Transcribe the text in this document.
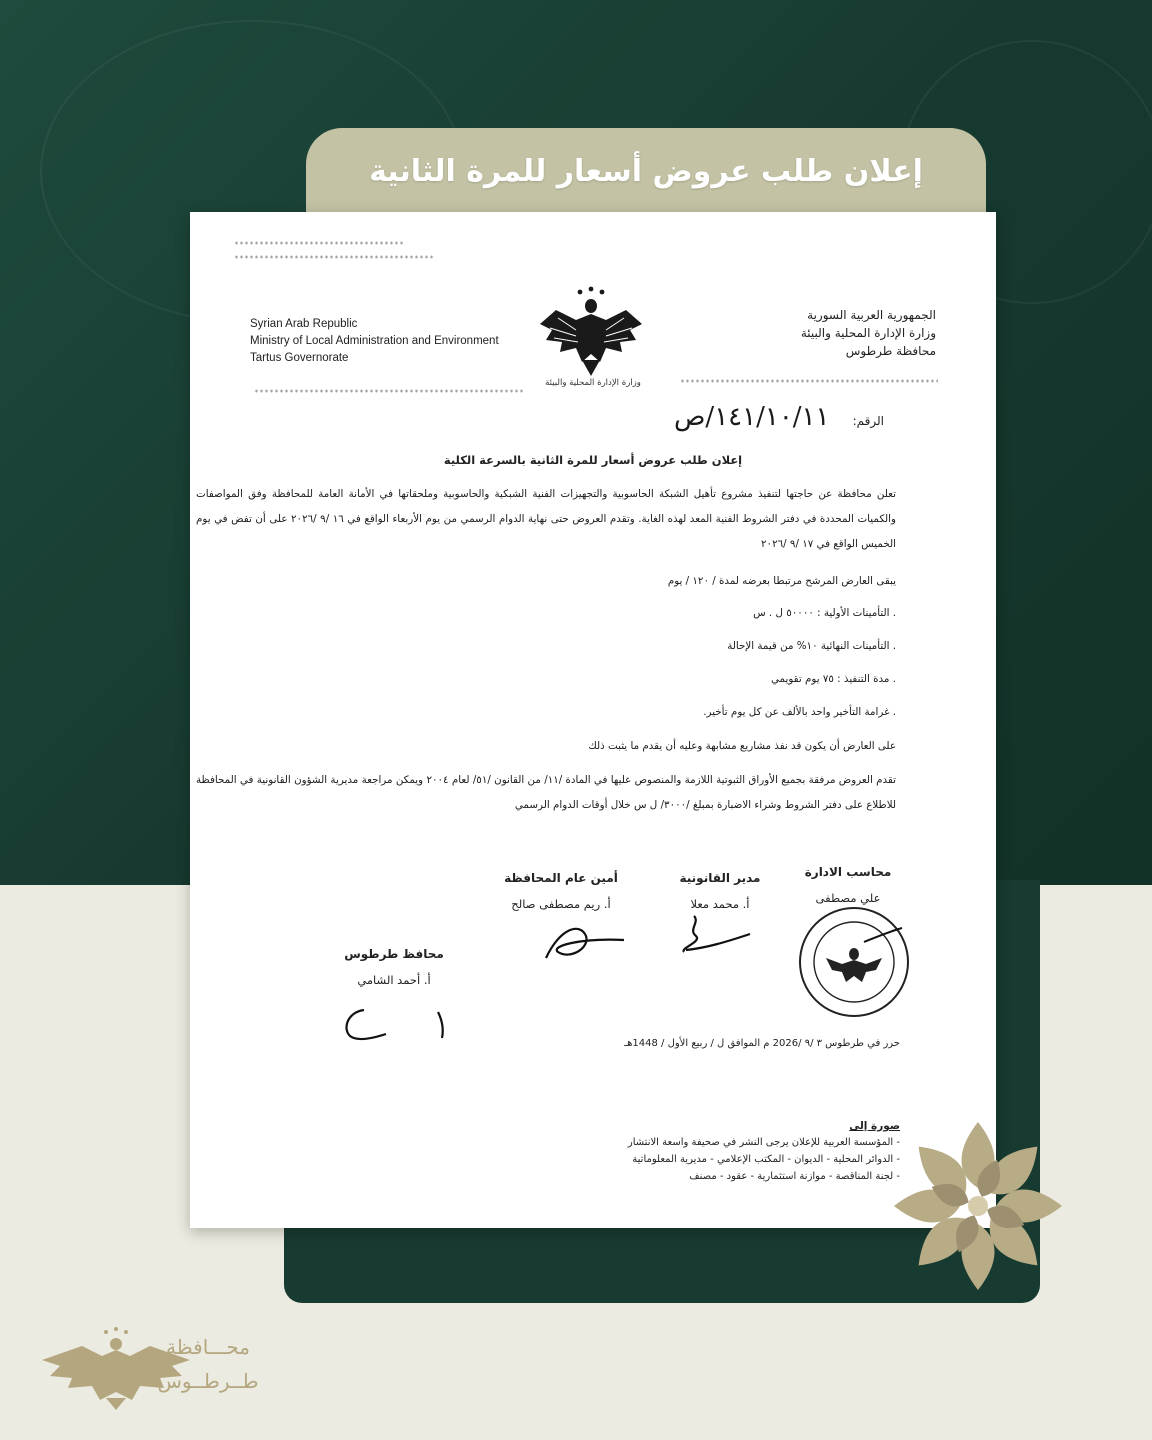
إعلان طلب عروض أسعار للمرة الثانية
Syrian Arab Republic
Ministry of Local Administration and Environment
Tartus Governorate
وزارة الإدارة المحلية والبيئة
الجمهورية العربية السورية
وزارة الإدارة المحلية والبيئة
محافظة طرطوس
الرقم:
١٤١/١٠/١١/ص
إعلان طلب عروض أسعار للمرة الثانية بالسرعة الكلية
تعلن محافظة عن حاجتها لتنفيذ مشروع تأهيل الشبكة الحاسوبية والتجهيزات الفنية الشبكية والحاسوبية وملحقاتها في الأمانة العامة للمحافظة وفق المواصفات والكميات المحددة في دفتر الشروط الفنية المعد لهذه الغاية. وتقدم العروض حتى نهاية الدوام الرسمي من يوم الأربعاء الواقع في ١٦ /٩ /٢٠٢٦ على أن تفض في يوم الخميس الواقع في ١٧ /٩ /٢٠٢٦
يبقى العارض المرشح مرتبطا بعرضه لمدة / ١٢٠ / يوم
. التأمينات الأولية : ٥٠٠٠٠ ل . س
. التأمينات النهائية ١٠% من قيمة الإحالة
. مدة التنفيذ : ٧٥ يوم تقويمي
. غرامة التأخير واحد بالألف عن كل يوم تأخير.
على العارض أن يكون قد نفذ مشاريع مشابهة وعليه أن يقدم ما يثبت ذلك
تقدم العروض مرفقة بجميع الأوراق الثبوتية اللازمة والمنصوص عليها في المادة /١١/ من القانون /٥١/ لعام ٢٠٠٤ ويمكن مراجعة مديرية الشؤون القانونية في المحافظة للاطلاع على دفتر الشروط وشراء الاضبارة بمبلغ /٣٠٠٠/ ل س خلال أوقات الدوام الرسمي
محاسب الادارة
علي مصطفى
مدير القانونية
أ. محمد معلا
أمين عام المحافظة
أ. ريم مصطفى صالح
محافظ طرطوس
أ. أحمد الشامي
حرر في طرطوس ٣ /٩ /2026 م الموافق ل / ربيع الأول / 1448هـ
صورة إلى
- المؤسسة العربية للإعلان يرجى النشر في صحيفة واسعة الانتشار
- الدوائر المحلية - الديوان - المكتب الإعلامي - مديرية المعلوماتية
- لجنة المناقصة - موازنة استثمارية - عقود - مصنف
محـــافظة
طــرطــوس
